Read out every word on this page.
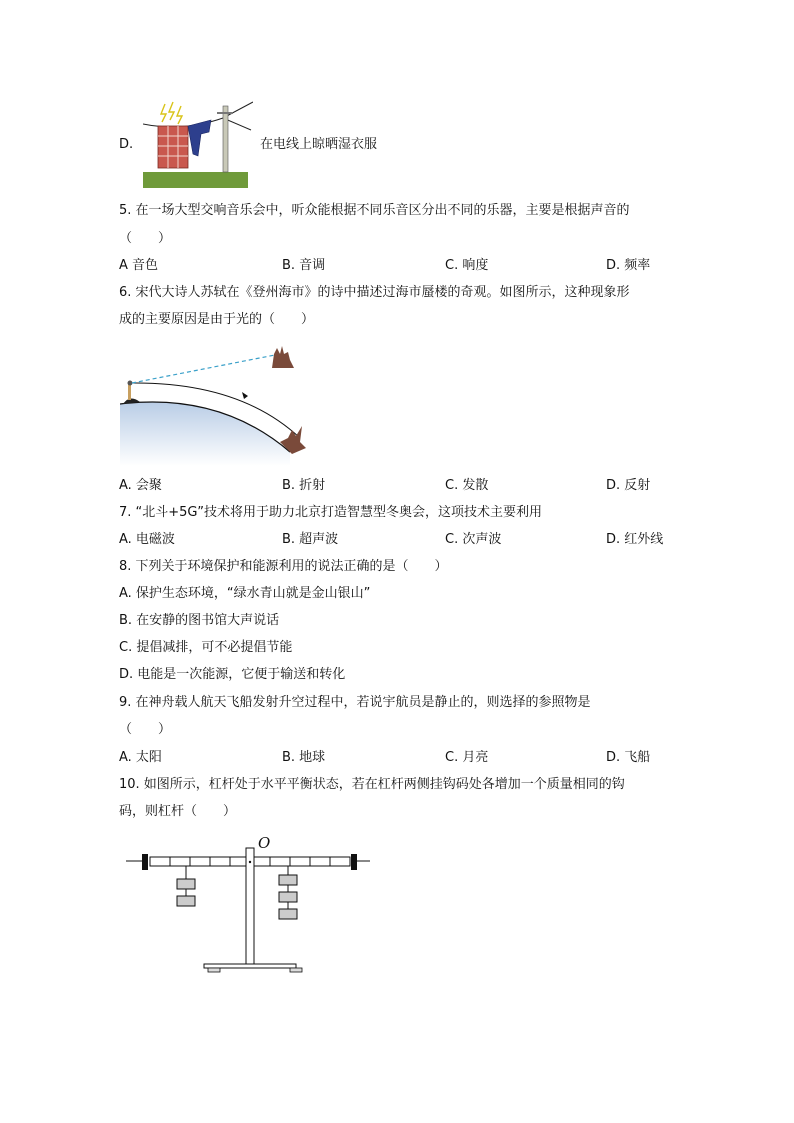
D.	在电线上晾晒湿衣服
5. 在一场大型交响音乐会中，听众能根据不同乐音区分出不同的乐器，主要是根据声音的
（　　）
A 音色	B. 音调	C. 响度	D. 频率
6. 宋代大诗人苏轼在《登州海市》的诗中描述过海市蜃楼的奇观。如图所示，这种现象形
成的主要原因是由于光的（　　）
A. 会聚	B. 折射	C. 发散	D. 反射
7. “北斗+5G”技术将用于助力北京打造智慧型冬奥会，这项技术主要利用
A. 电磁波	B. 超声波	C. 次声波	D. 红外线
8. 下列关于环境保护和能源利用的说法正确的是（　　）
A. 保护生态环境，“绿水青山就是金山银山”
B. 在安静的图书馆大声说话
C. 提倡减排，可不必提倡节能
D. 电能是一次能源，它便于输送和转化
9. 在神舟载人航天飞船发射升空过程中，若说宇航员是静止的，则选择的参照物是
（　　）
A. 太阳	B. 地球	C. 月亮	D. 飞船
10. 如图所示，杠杆处于水平平衡状态，若在杠杆两侧挂钩码处各增加一个质量相同的钩
码，则杠杆（　　）
O
